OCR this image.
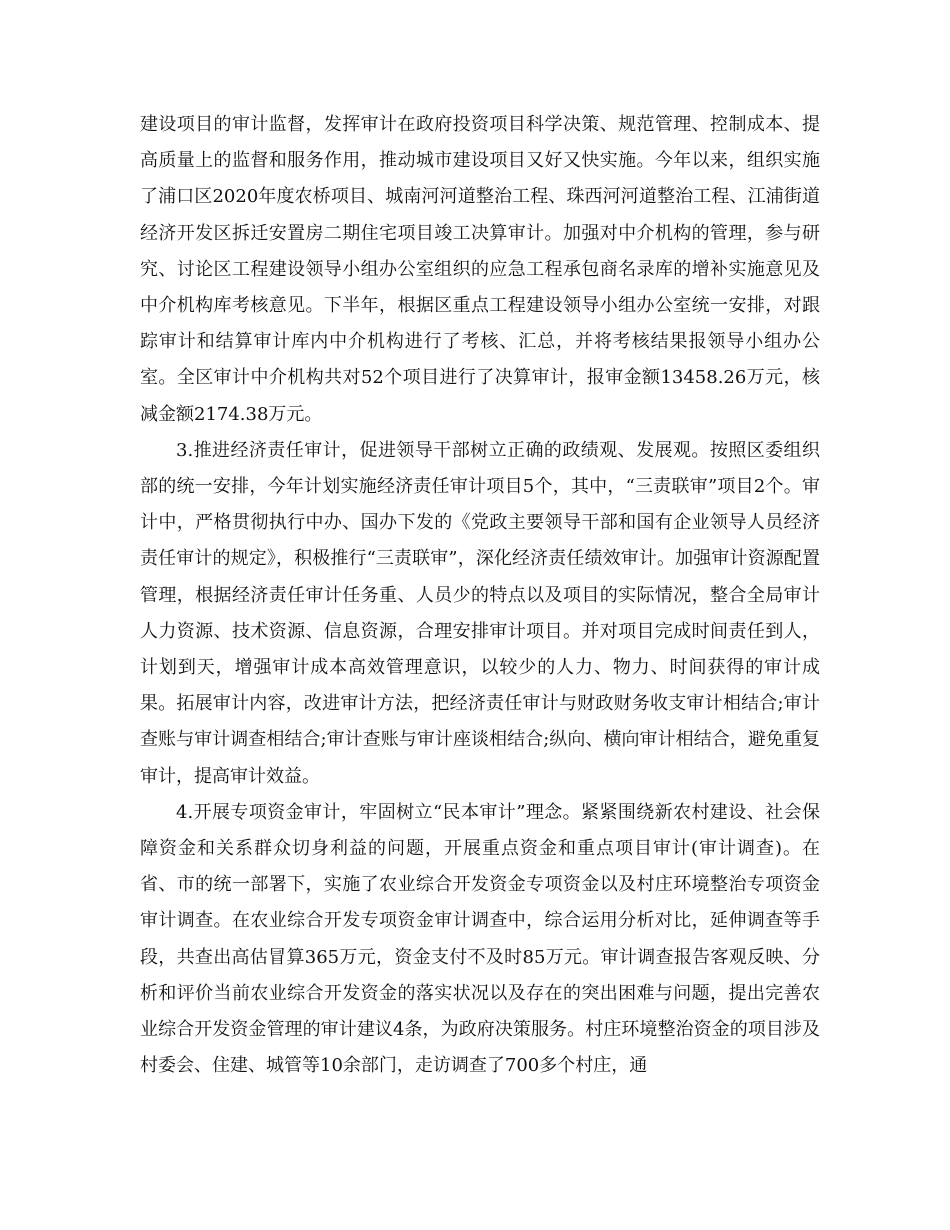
建设项目的审计监督，发挥审计在政府投资项目科学决策、规范管理、控制成本、提高质量上的监督和服务作用，推动城市建设项目又好又快实施。今年以来，组织实施了浦口区2020年度农桥项目、城南河河道整治工程、珠西河河道整治工程、江浦街道经济开发区拆迁安置房二期住宅项目竣工决算审计。加强对中介机构的管理，参与研究、讨论区工程建设领导小组办公室组织的应急工程承包商名录库的增补实施意见及中介机构库考核意见。下半年，根据区重点工程建设领导小组办公室统一安排，对跟踪审计和结算审计库内中介机构进行了考核、汇总，并将考核结果报领导小组办公室。全区审计中介机构共对52个项目进行了决算审计，报审金额13458.26万元，核减金额2174.38万元。

3.推进经济责任审计，促进领导干部树立正确的政绩观、发展观。按照区委组织部的统一安排，今年计划实施经济责任审计项目5个，其中，“三责联审”项目2个。审计中，严格贯彻执行中办、国办下发的《党政主要领导干部和国有企业领导人员经济责任审计的规定》，积极推行“三责联审”，深化经济责任绩效审计。加强审计资源配置管理，根据经济责任审计任务重、人员少的特点以及项目的实际情况，整合全局审计人力资源、技术资源、信息资源，合理安排审计项目。并对项目完成时间责任到人，计划到天，增强审计成本高效管理意识，以较少的人力、物力、时间获得的审计成果。拓展审计内容，改进审计方法，把经济责任审计与财政财务收支审计相结合;审计查账与审计调查相结合;审计查账与审计座谈相结合;纵向、横向审计相结合，避免重复审计，提高审计效益。

4.开展专项资金审计，牢固树立“民本审计”理念。紧紧围绕新农村建设、社会保障资金和关系群众切身利益的问题，开展重点资金和重点项目审计(审计调查)。在省、市的统一部署下，实施了农业综合开发资金专项资金以及村庄环境整治专项资金审计调查。在农业综合开发专项资金审计调查中，综合运用分析对比，延伸调查等手段，共查出高估冒算365万元，资金支付不及时85万元。审计调查报告客观反映、分析和评价当前农业综合开发资金的落实状况以及存在的突出困难与问题，提出完善农业综合开发资金管理的审计建议4条，为政府决策服务。村庄环境整治资金的项目涉及村委会、住建、城管等10余部门，走访调查了700多个村庄，通
